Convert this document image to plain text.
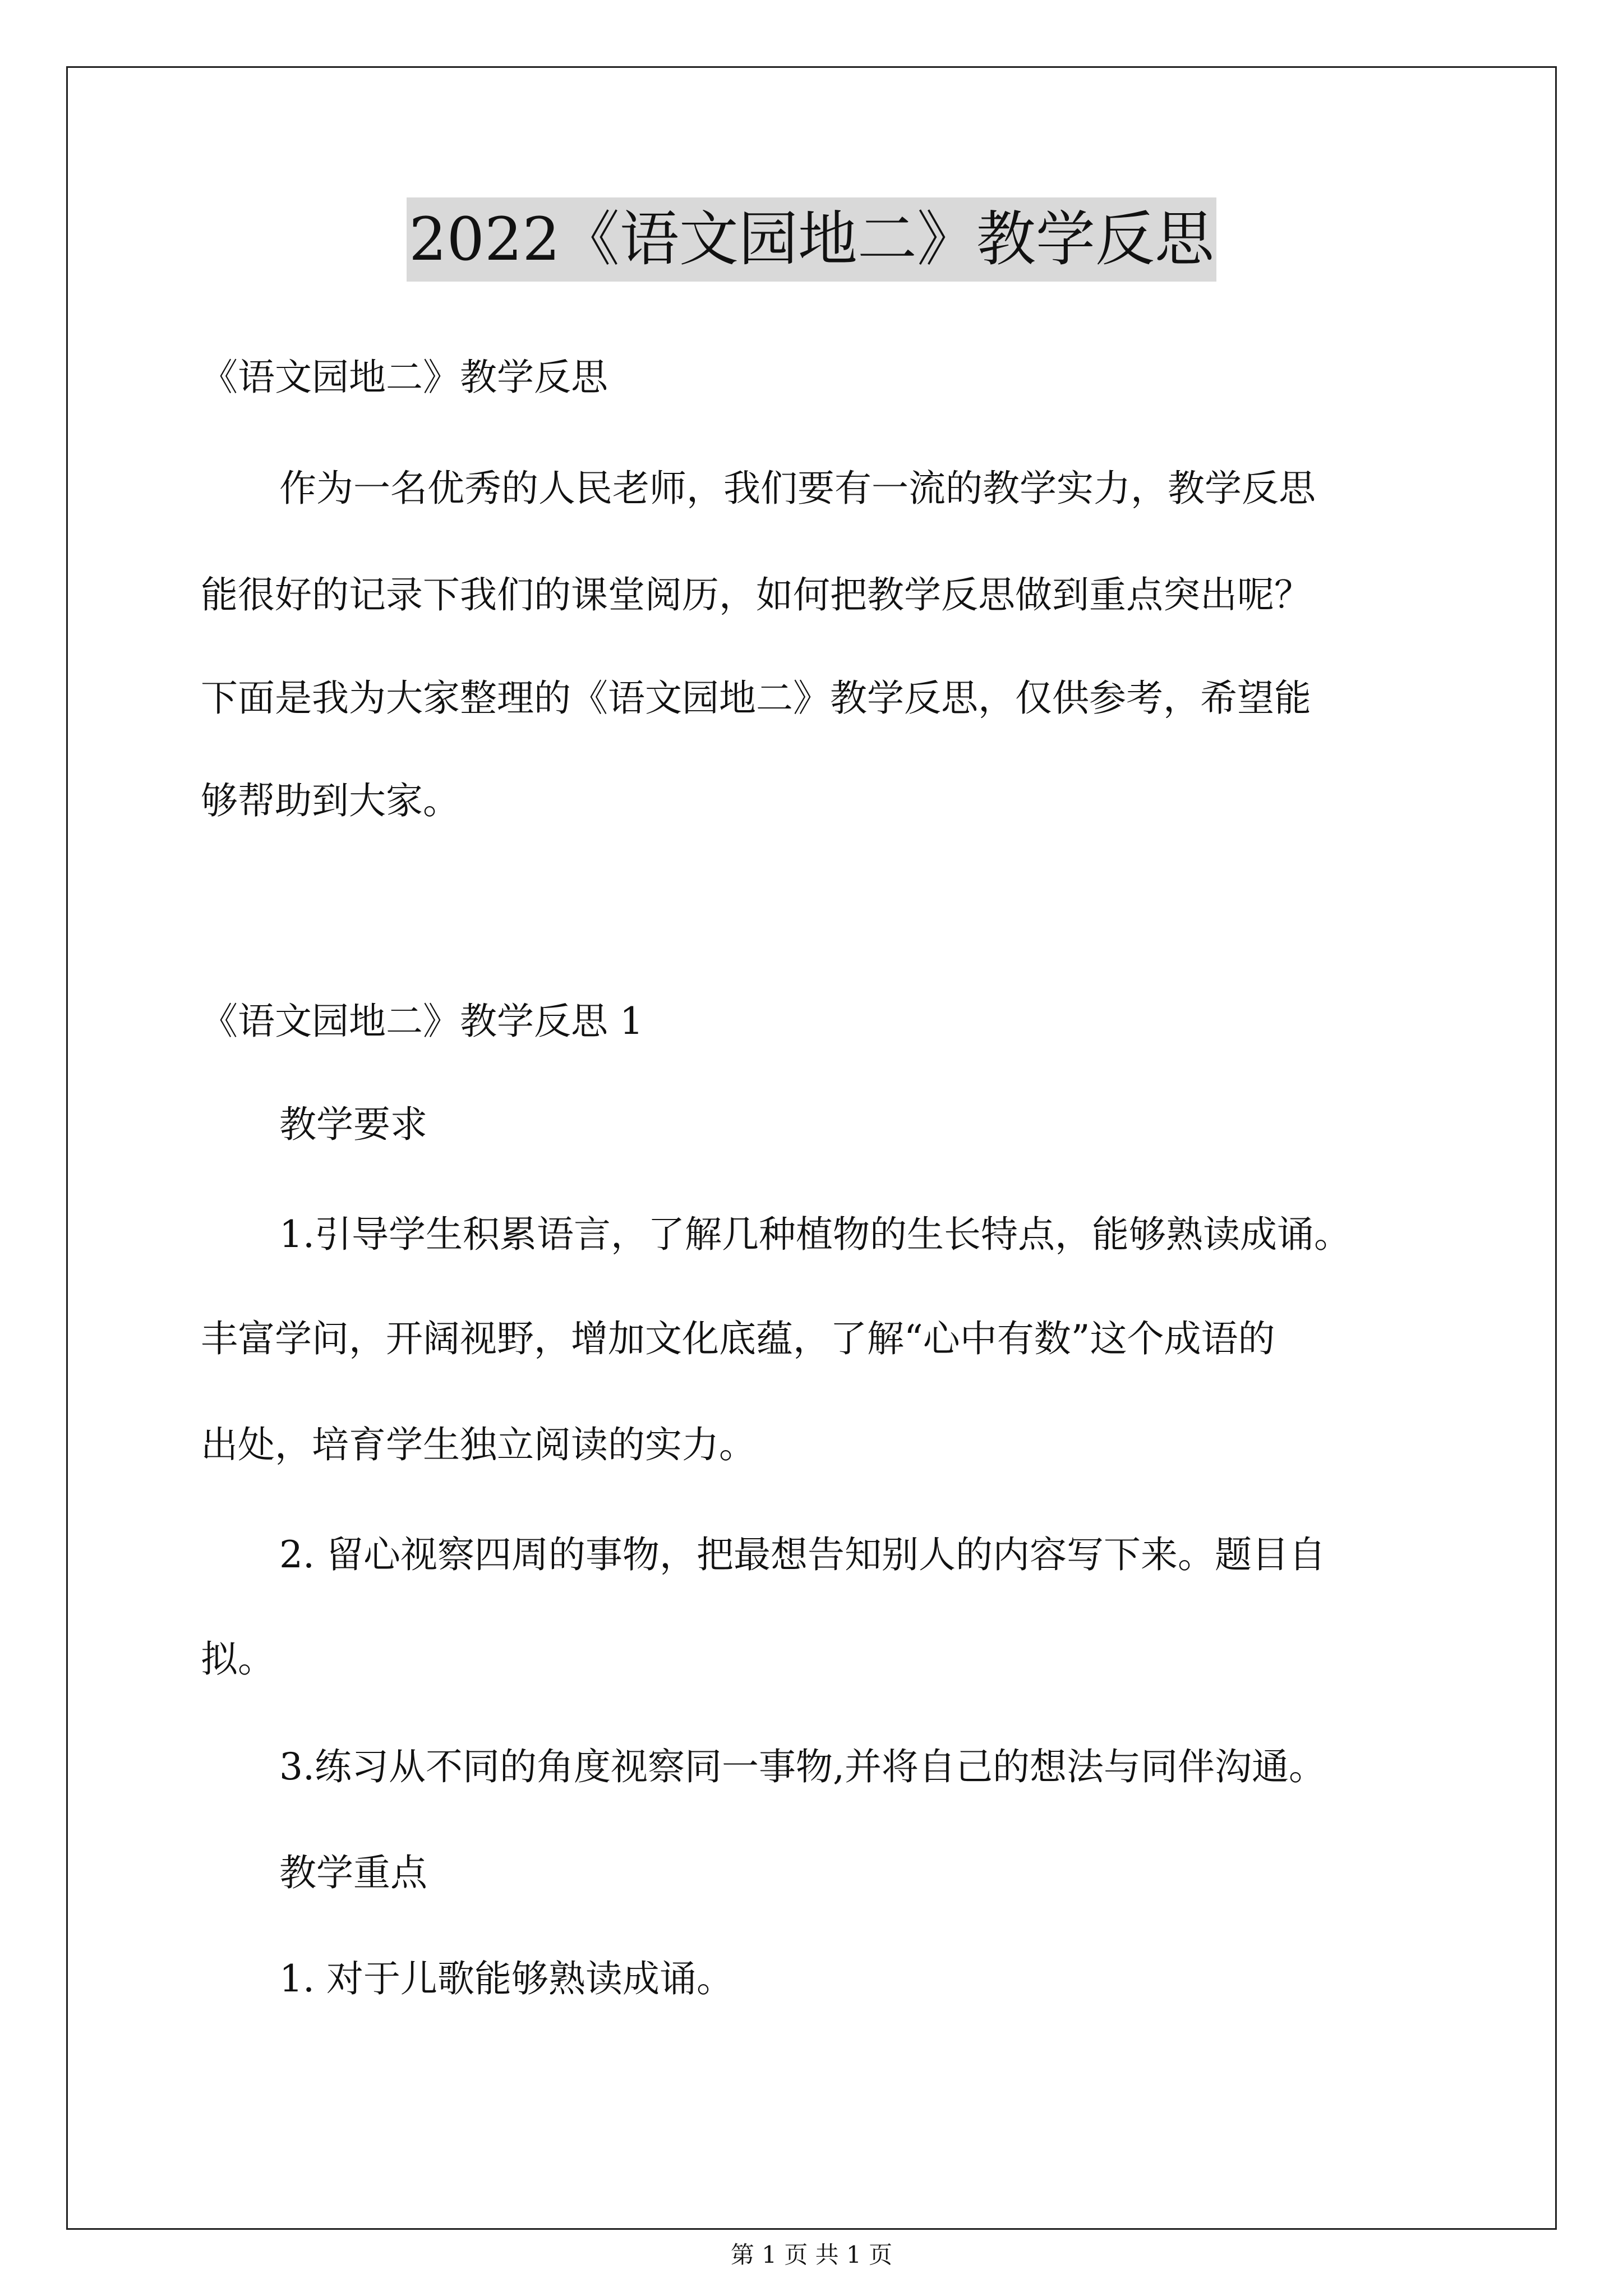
2022《语文园地二》教学反思
《语文园地二》教学反思
作为一名优秀的人民老师，我们要有一流的教学实力，教学反思
能很好的记录下我们的课堂阅历，如何把教学反思做到重点突出呢？
下面是我为大家整理的《语文园地二》教学反思，仅供参考，希望能
够帮助到大家。
《语文园地二》教学反思 1
教学要求
1.引导学生积累语言，了解几种植物的生长特点，能够熟读成诵。
丰富学问，开阔视野，增加文化底蕴，了解“心中有数”这个成语的
出处，培育学生独立阅读的实力。
2. 留心视察四周的事物，把最想告知别人的内容写下来。题目自
拟。
3.练习从不同的角度视察同一事物,并将自己的想法与同伴沟通。
教学重点
1. 对于儿歌能够熟读成诵。
第 1 页 共 1 页
